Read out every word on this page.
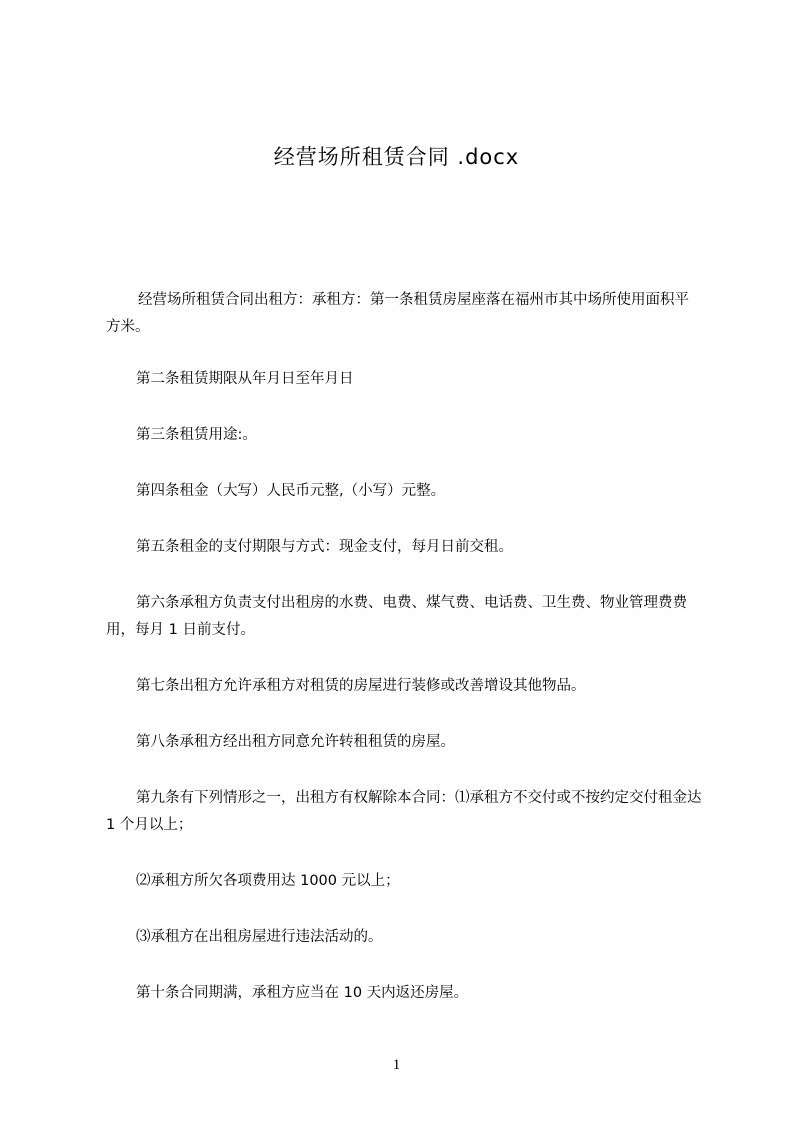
经营场所租赁合同 .docx

经营场所租赁合同出租方：承租方：第一条租赁房屋座落在福州市其中场所使用面积平方米。

第二条租赁期限从年月日至年月日

第三条租赁用途:。

第四条租金（大写）人民币元整,（小写）元整。

第五条租金的支付期限与方式：现金支付，每月日前交租。

第六条承租方负责支付出租房的水费、电费、煤气费、电话费、卫生费、物业管理费费用，每月 1 日前支付。

第七条出租方允许承租方对租赁的房屋进行装修或改善增设其他物品。

第八条承租方经出租方同意允许转租租赁的房屋。

第九条有下列情形之一，出租方有权解除本合同：⑴承租方不交付或不按约定交付租金达 1 个月以上；

⑵承租方所欠各项费用达 1000 元以上；

⑶承租方在出租房屋进行违法活动的。

第十条合同期满，承租方应当在 10 天内返还房屋。

1
